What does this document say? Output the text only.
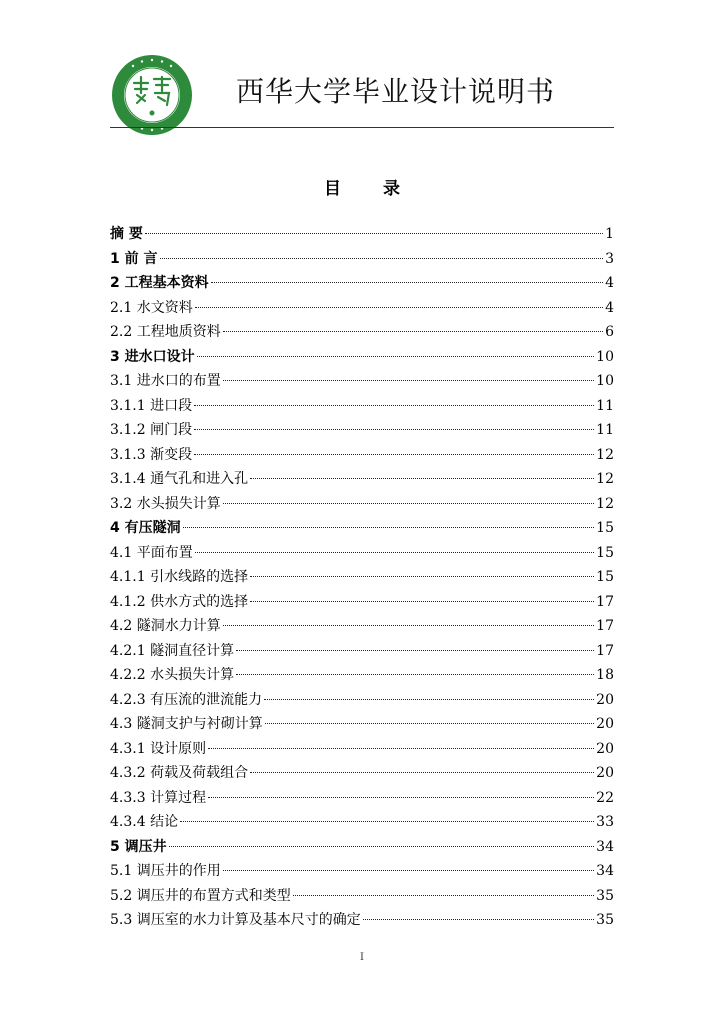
西华大学毕业设计说明书
目 录
摘 要	1
1 前 言	3
2 工程基本资料	4
2.1 水文资料	4
2.2 工程地质资料	6
3 进水口设计	10
3.1 进水口的布置	10
3.1.1 进口段	11
3.1.2 闸门段	11
3.1.3 渐变段	12
3.1.4 通气孔和进入孔	12
3.2 水头损失计算	12
4 有压隧洞	15
4.1 平面布置	15
4.1.1 引水线路的选择	15
4.1.2 供水方式的选择	17
4.2 隧洞水力计算	17
4.2.1 隧洞直径计算	17
4.2.2 水头损失计算	18
4.2.3 有压流的泄流能力	20
4.3 隧洞支护与衬砌计算	20
4.3.1 设计原则	20
4.3.2 荷载及荷载组合	20
4.3.3 计算过程	22
4.3.4 结论	33
5 调压井	34
5.1 调压井的作用	34
5.2 调压井的布置方式和类型	35
5.3 调压室的水力计算及基本尺寸的确定	35
I
